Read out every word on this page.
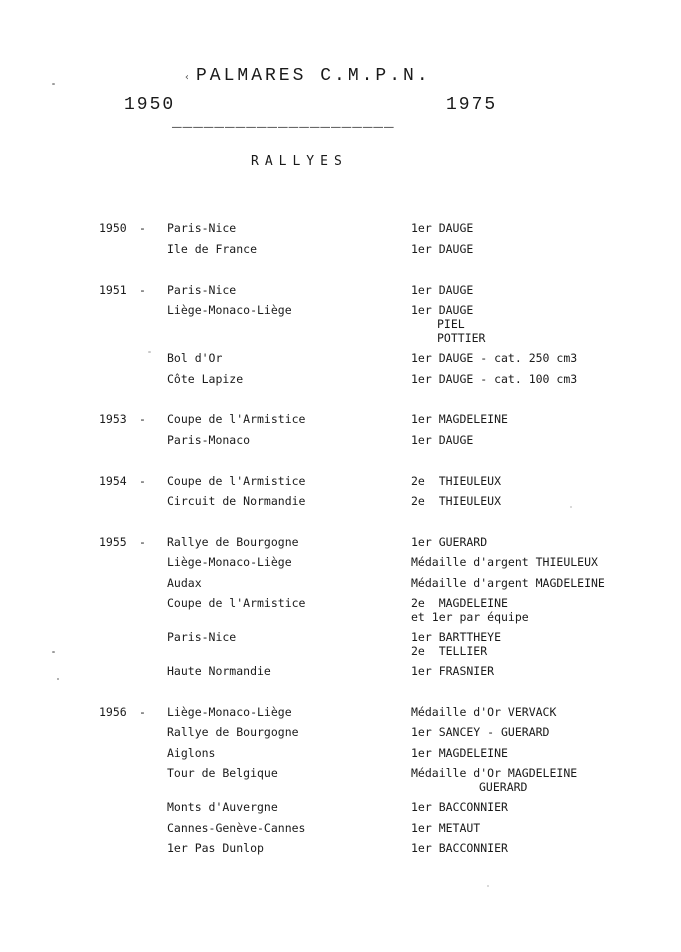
‹ PALMARES C.M.P.N.
1950	1975
_____________________
RALLYES
1950 - Paris-Nice	1er DAUGE
Ile de France	1er DAUGE
1951 - Paris-Nice	1er DAUGE
Liège-Monaco-Liège	1er DAUGE
PIEL
POTTIER
Bol d'Or	1er DAUGE - cat. 250 cm3
Côte Lapize	1er DAUGE - cat. 100 cm3
1953 - Coupe de l'Armistice	1er MAGDELEINE
Paris-Monaco	1er DAUGE
1954 - Coupe de l'Armistice	2e  THIEULEUX
Circuit de Normandie	2e  THIEULEUX
1955 - Rallye de Bourgogne	1er GUERARD
Liège-Monaco-Liège	Médaille d'argent THIEULEUX
Audax	Médaille d'argent MAGDELEINE
Coupe de l'Armistice	2e  MAGDELEINE
et 1er par équipe
Paris-Nice	1er BARTTHEYE
2e  TELLIER
Haute Normandie	1er FRASNIER
1956 - Liège-Monaco-Liège	Médaille d'Or VERVACK
Rallye de Bourgogne	1er SANCEY - GUERARD
Aiglons	1er MAGDELEINE
Tour de Belgique	Médaille d'Or MAGDELEINE
GUERARD
Monts d'Auvergne	1er BACCONNIER
Cannes-Genève-Cannes	1er METAUT
1er Pas Dunlop	1er BACCONNIER
